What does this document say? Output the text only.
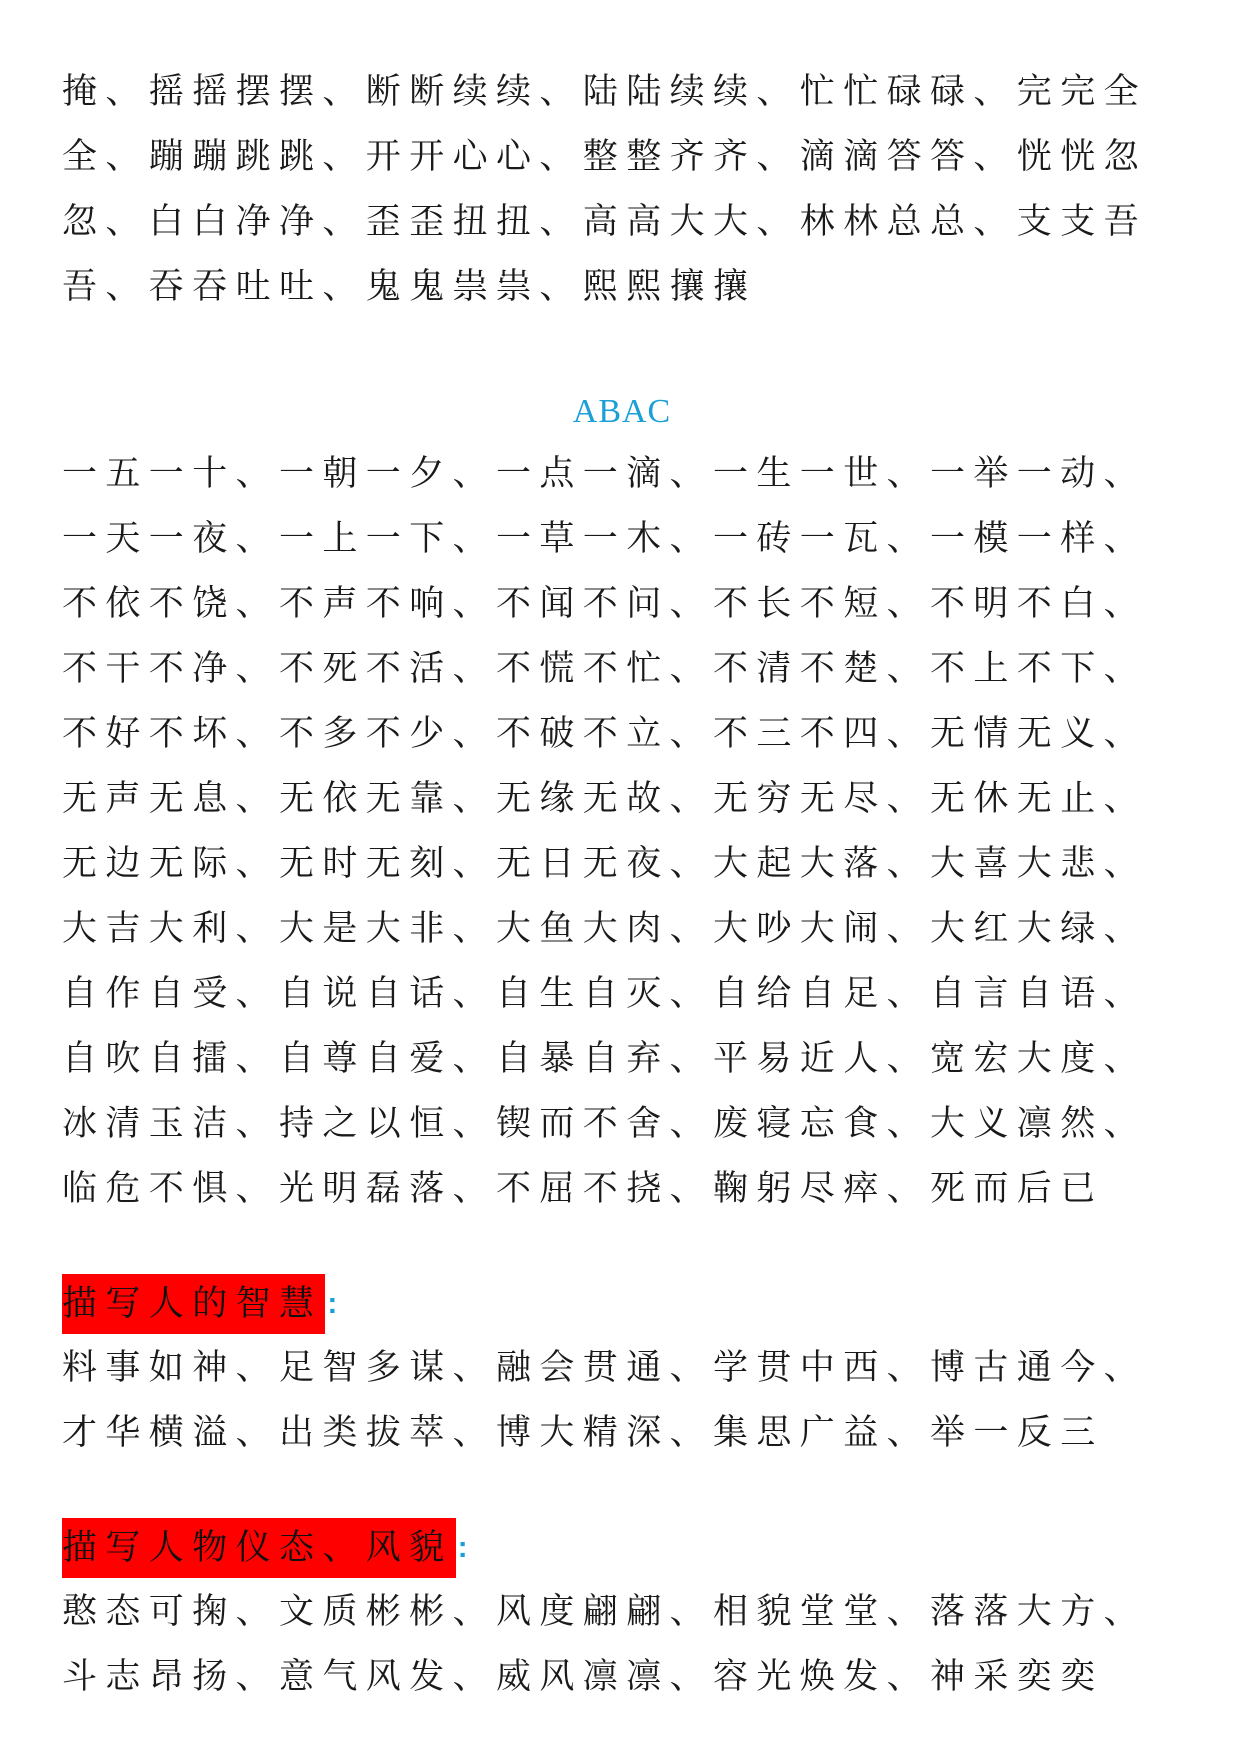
掩、摇摇摆摆、断断续续、陆陆续续、忙忙碌碌、完完全全、蹦蹦跳跳、开开心心、整整齐齐、滴滴答答、恍恍忽忽、白白净净、歪歪扭扭、高高大大、林林总总、支支吾吾、吞吞吐吐、鬼鬼祟祟、熙熙攘攘

ABAC

一五一十、一朝一夕、一点一滴、一生一世、一举一动、一天一夜、一上一下、一草一木、一砖一瓦、一模一样、不依不饶、不声不响、不闻不问、不长不短、不明不白、不干不净、不死不活、不慌不忙、不清不楚、不上不下、不好不坏、不多不少、不破不立、不三不四、无情无义、无声无息、无依无靠、无缘无故、无穷无尽、无休无止、无边无际、无时无刻、无日无夜、大起大落、大喜大悲、大吉大利、大是大非、大鱼大肉、大吵大闹、大红大绿、自作自受、自说自话、自生自灭、自给自足、自言自语、自吹自擂、自尊自爱、自暴自弃、平易近人、宽宏大度、冰清玉洁、持之以恒、锲而不舍、废寝忘食、大义凛然、临危不惧、光明磊落、不屈不挠、鞠躬尽瘁、死而后已

描写人的智慧 :

料事如神、足智多谋、融会贯通、学贯中西、博古通今、才华横溢、出类拔萃、博大精深、集思广益、举一反三

描写人物仪态、风貌 :

憨态可掬、文质彬彬、风度翩翩、相貌堂堂、落落大方、斗志昂扬、意气风发、威风凛凛、容光焕发、神采奕奕
